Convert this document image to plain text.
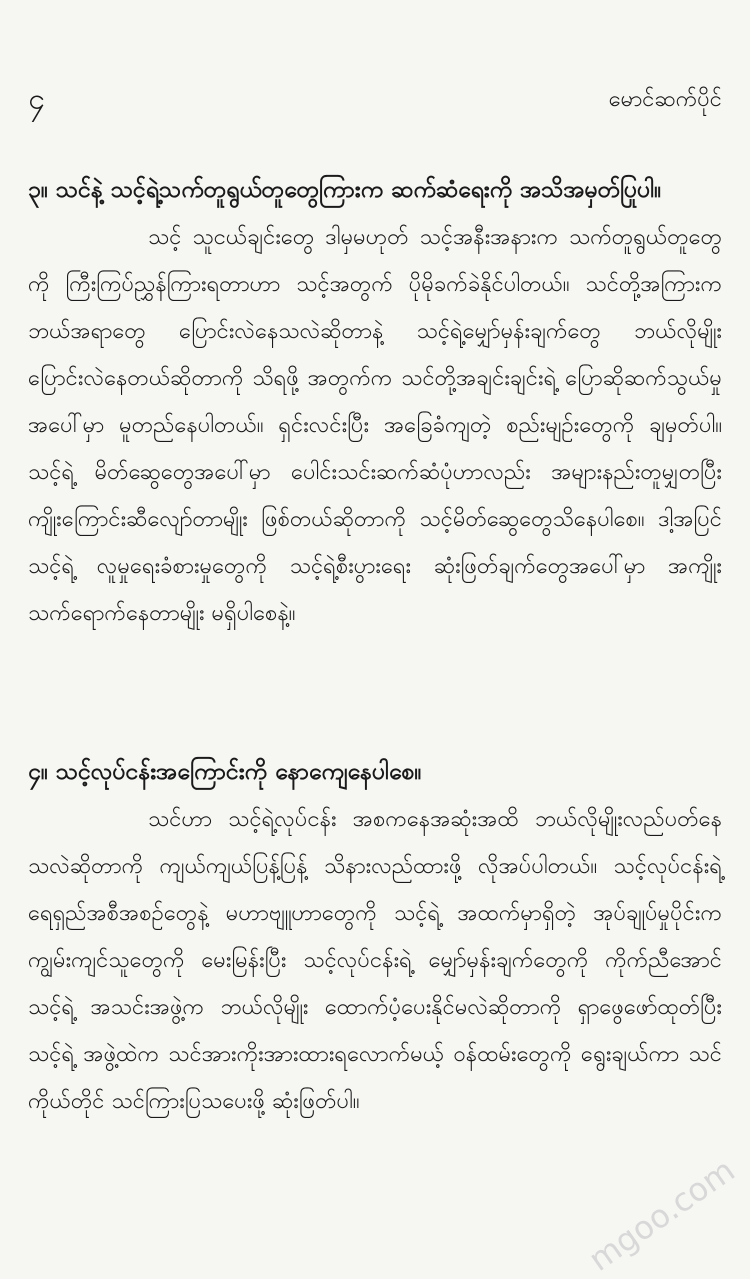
၄	မောင်ဆက်ပိုင်
၃။ သင်နဲ့ သင့်ရဲ့သက်တူရွယ်တူတွေကြားက ဆက်ဆံရေးကို အသိအမှတ်ပြုပါ။

သင့် သူငယ်ချင်းတွေ ဒါမှမဟုတ် သင့်အနီးအနားက သက်တူရွယ်တူတွေကို ကြီးကြပ်ညွှန်ကြားရတာဟာ သင့်အတွက် ပိုမိုခက်ခဲနိုင်ပါတယ်။ သင်တို့အကြားက ဘယ်အရာတွေ ပြောင်းလဲနေသလဲဆိုတာနဲ့ သင့်ရဲ့မျှော်မှန်းချက်တွေ ဘယ်လိုမျိုး ပြောင်းလဲနေတယ်ဆိုတာကို သိရဖို့ အတွက်က သင်တို့အချင်းချင်းရဲ့ ပြောဆိုဆက်သွယ်မှုအပေါ်မှာ မူတည်နေပါတယ်။ ရှင်းလင်းပြီး အခြေခံကျတဲ့ စည်းမျဉ်းတွေကို ချမှတ်ပါ။ သင့်ရဲ့ မိတ်ဆွေတွေအပေါ်မှာ ပေါင်းသင်းဆက်ဆံပုံဟာလည်း အများနည်းတူမျှတပြီး ကျိုးကြောင်းဆီလျော်တာမျိုး ဖြစ်တယ်ဆိုတာကို သင့်မိတ်ဆွေတွေသိနေပါစေ။ ဒါ့အပြင် သင့်ရဲ့ လူမှုရေးခံစားမှုတွေကို သင့်ရဲ့စီးပွားရေး ဆုံးဖြတ်ချက်တွေအပေါ်မှာ အကျိုးသက်ရောက်နေတာမျိုး မရှိပါစေနဲ့။

၄။ သင့်လုပ်ငန်းအကြောင်းကို နောကျေနေပါစေ။

သင်ဟာ သင့်ရဲ့လုပ်ငန်း အစကနေအဆုံးအထိ ဘယ်လိုမျိုးလည်ပတ်နေသလဲဆိုတာကို ကျယ်ကျယ်ပြန့်ပြန့် သိနားလည်ထားဖို့ လိုအပ်ပါတယ်။ သင့်လုပ်ငန်းရဲ့ ရေရှည်အစီအစဉ်တွေနဲ့ မဟာဗျူဟာတွေကို သင့်ရဲ့ အထက်မှာရှိတဲ့ အုပ်ချုပ်မှုပိုင်းက ကျွမ်းကျင်သူတွေကို မေးမြန်းပြီး သင့်လုပ်ငန်းရဲ့ မျှော်မှန်းချက်တွေကို ကိုက်ညီအောင် သင့်ရဲ့ အသင်းအဖွဲ့က ဘယ်လိုမျိုး ထောက်ပံ့ပေးနိုင်မလဲဆိုတာကို ရှာဖွေဖော်ထုတ်ပြီး သင့်ရဲ့ အဖွဲ့ထဲက သင်အားကိုးအားထားရလောက်မယ့် ဝန်ထမ်းတွေကို ရွေးချယ်ကာ သင်ကိုယ်တိုင် သင်ကြားပြသပေးဖို့ ဆုံးဖြတ်ပါ။

mgoo.com
